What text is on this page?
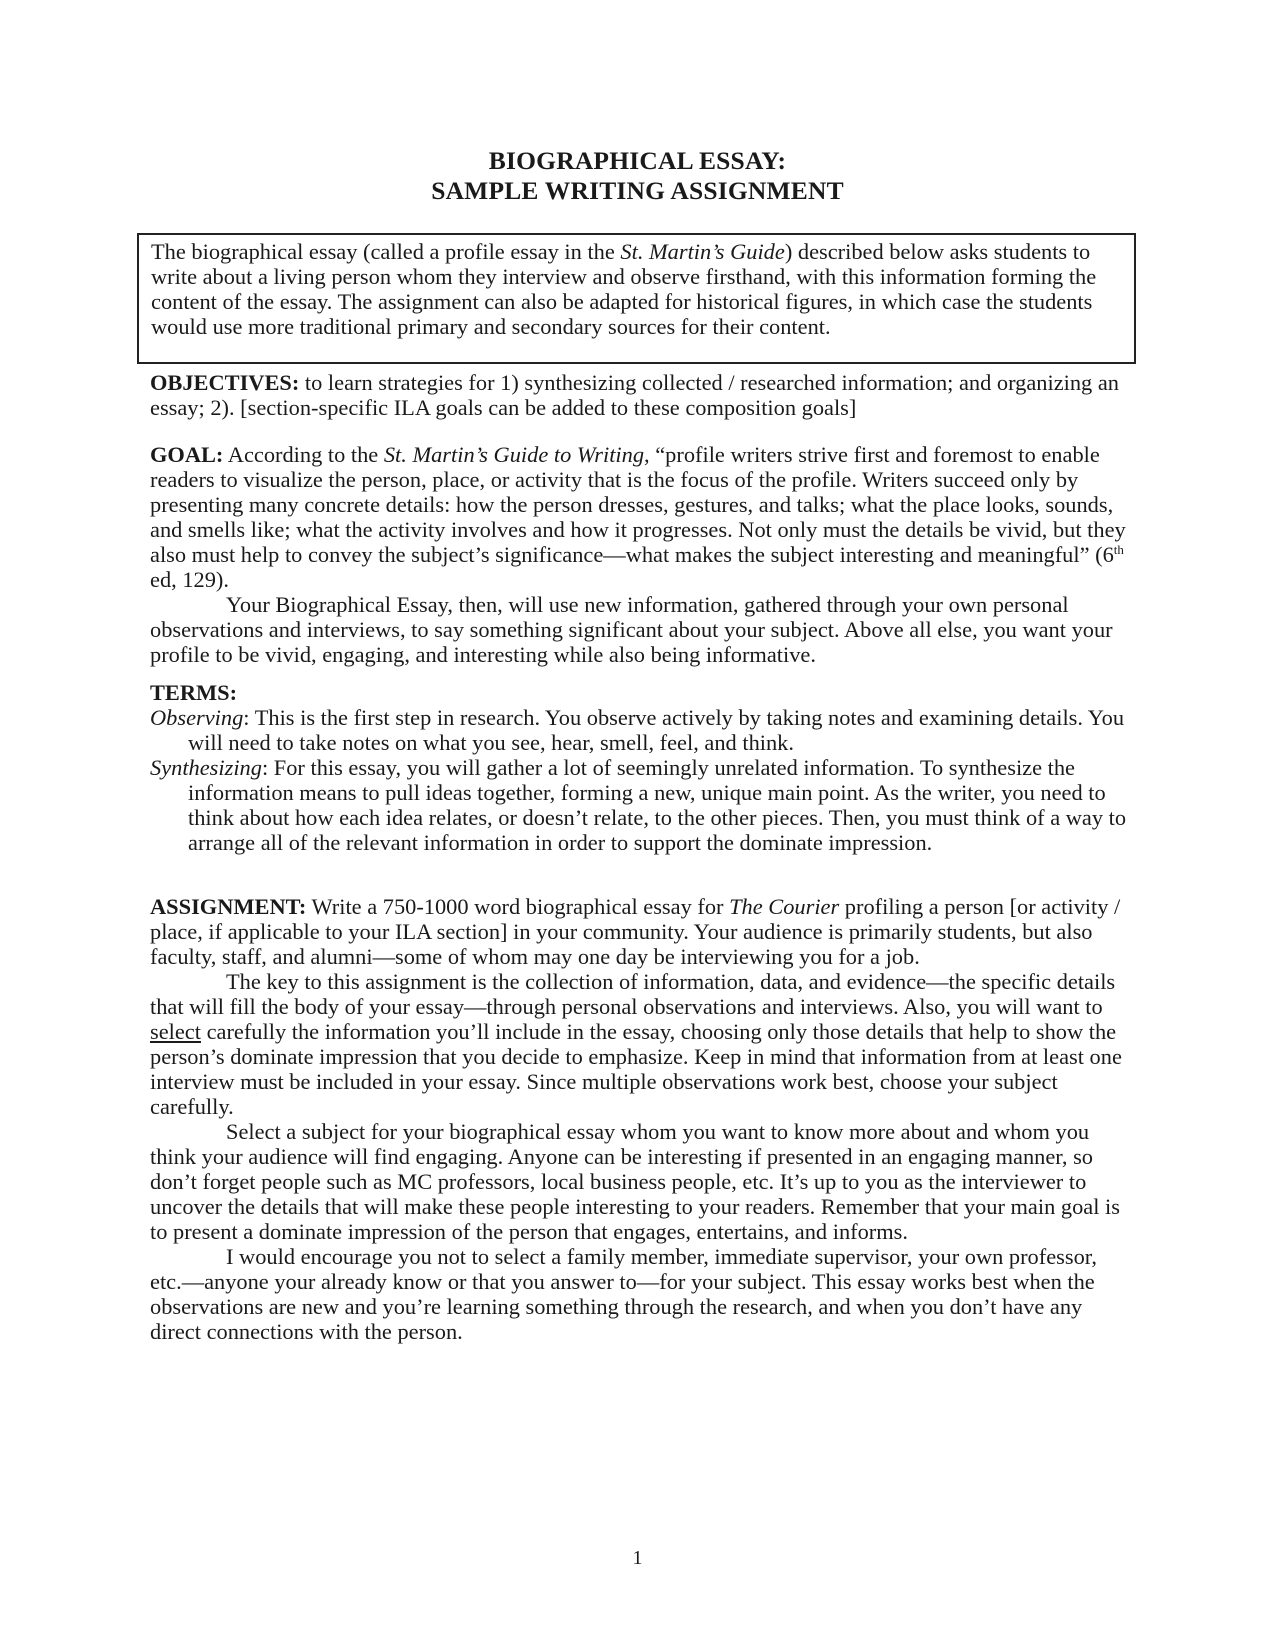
BIOGRAPHICAL ESSAY:
SAMPLE WRITING ASSIGNMENT
The biographical essay (called a profile essay in the St. Martin’s Guide) described below asks students to write about a living person whom they interview and observe firsthand, with this information forming the content of the essay. The assignment can also be adapted for historical figures, in which case the students would use more traditional primary and secondary sources for their content.

OBJECTIVES: to learn strategies for 1) synthesizing collected / researched information; and organizing an essay; 2). [section-specific ILA goals can be added to these composition goals]

GOAL: According to the St. Martin’s Guide to Writing, “profile writers strive first and foremost to enable readers to visualize the person, place, or activity that is the focus of the profile. Writers succeed only by presenting many concrete details: how the person dresses, gestures, and talks; what the place looks, sounds, and smells like; what the activity involves and how it progresses. Not only must the details be vivid, but they also must help to convey the subject’s significance—what makes the subject interesting and meaningful” (6th ed, 129).

Your Biographical Essay, then, will use new information, gathered through your own personal observations and interviews, to say something significant about your subject. Above all else, you want your profile to be vivid, engaging, and interesting while also being informative.

TERMS:

Observing: This is the first step in research. You observe actively by taking notes and examining details. You will need to take notes on what you see, hear, smell, feel, and think.

Synthesizing: For this essay, you will gather a lot of seemingly unrelated information. To synthesize the information means to pull ideas together, forming a new, unique main point. As the writer, you need to think about how each idea relates, or doesn’t relate, to the other pieces. Then, you must think of a way to arrange all of the relevant information in order to support the dominate impression.

ASSIGNMENT: Write a 750-1000 word biographical essay for The Courier profiling a person [or activity / place, if applicable to your ILA section] in your community. Your audience is primarily students, but also faculty, staff, and alumni—some of whom may one day be interviewing you for a job.

The key to this assignment is the collection of information, data, and evidence—the specific details that will fill the body of your essay—through personal observations and interviews. Also, you will want to select carefully the information you’ll include in the essay, choosing only those details that help to show the person’s dominate impression that you decide to emphasize. Keep in mind that information from at least one interview must be included in your essay. Since multiple observations work best, choose your subject carefully.

Select a subject for your biographical essay whom you want to know more about and whom you think your audience will find engaging. Anyone can be interesting if presented in an engaging manner, so don’t forget people such as MC professors, local business people, etc. It’s up to you as the interviewer to uncover the details that will make these people interesting to your readers. Remember that your main goal is to present a dominate impression of the person that engages, entertains, and informs.

I would encourage you not to select a family member, immediate supervisor, your own professor, etc.—anyone your already know or that you answer to—for your subject. This essay works best when the observations are new and you’re learning something through the research, and when you don’t have any direct connections with the person.

1
